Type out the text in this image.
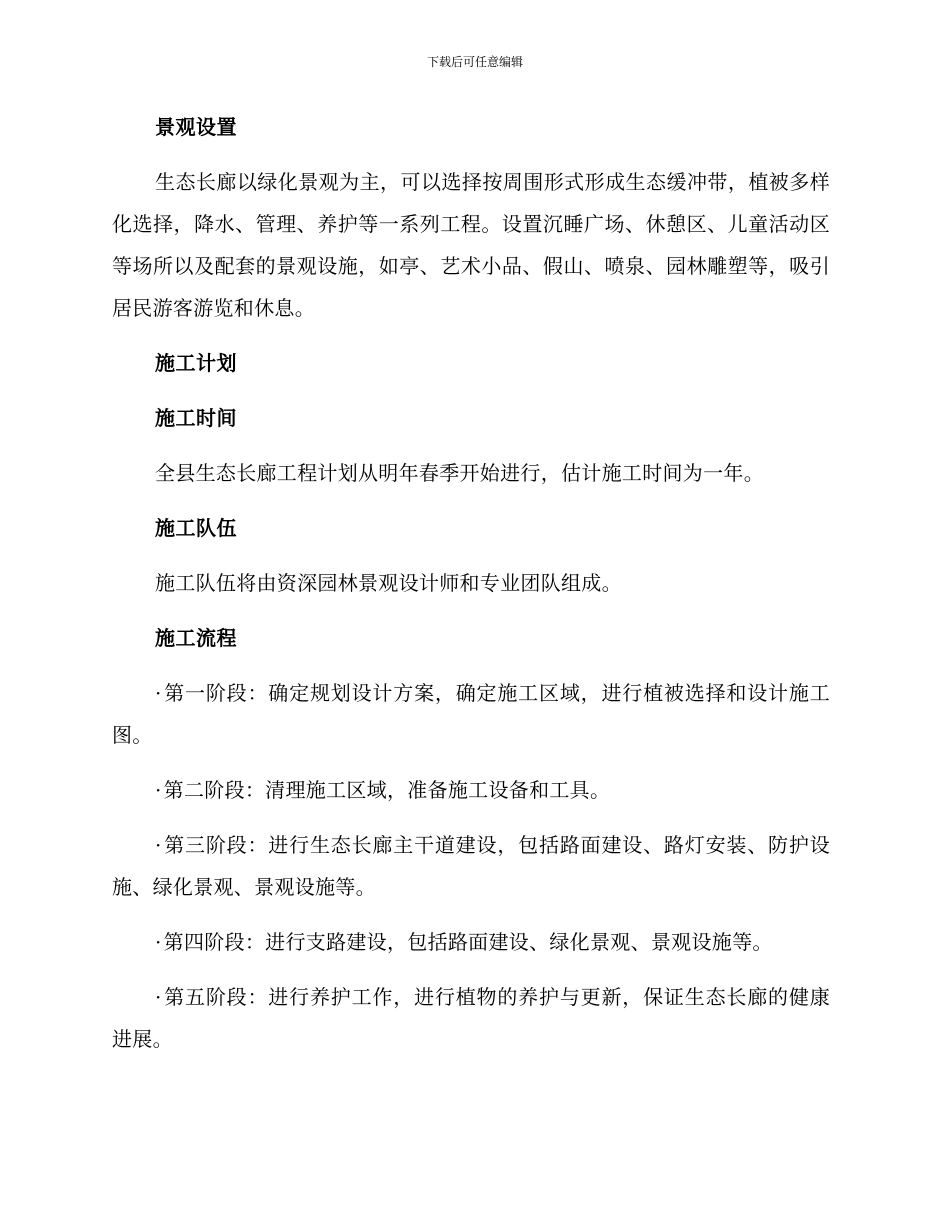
下载后可任意编辑
景观设置
生态长廊以绿化景观为主，可以选择按周围形式形成生态缓冲带，植被多样化选择，降水、管理、养护等一系列工程。设置沉睡广场、休憩区、儿童活动区等场所以及配套的景观设施，如亭、艺术小品、假山、喷泉、园林雕塑等，吸引居民游客游览和休息。
施工计划
施工时间
全县生态长廊工程计划从明年春季开始进行，估计施工时间为一年。
施工队伍
施工队伍将由资深园林景观设计师和专业团队组成。
施工流程
· 第一阶段：确定规划设计方案，确定施工区域，进行植被选择和设计施工图。
· 第二阶段：清理施工区域，准备施工设备和工具。
· 第三阶段：进行生态长廊主干道建设，包括路面建设、路灯安装、防护设施、绿化景观、景观设施等。
· 第四阶段：进行支路建设，包括路面建设、绿化景观、景观设施等。
· 第五阶段：进行养护工作，进行植物的养护与更新，保证生态长廊的健康进展。
